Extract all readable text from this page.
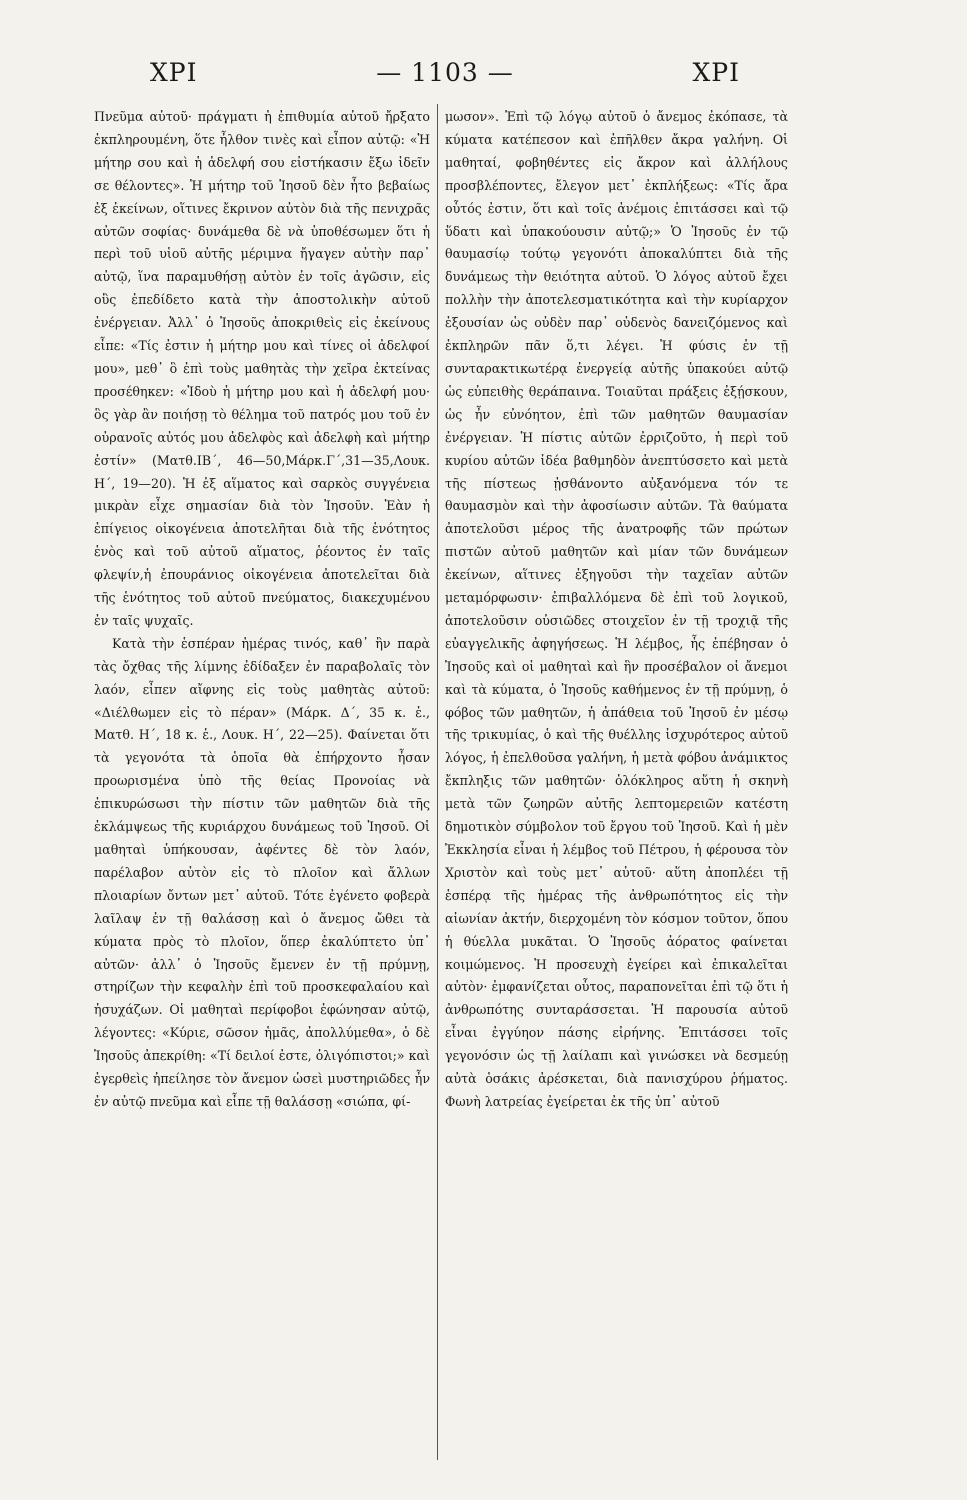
ΧΡΙ	— 1103 —	ΧΡΙ

Πνεῦμα αὐτοῦ· πράγματι ἡ ἐπιθυμία αὐτοῦ ἤρξατο ἐκπληρουμένη, ὅτε ἦλθον τινὲς καὶ εἶπον αὐτῷ: «Ἡ μήτηρ σου καὶ ἡ ἀδελφή σου εἰστήκασιν ἔξω ἰδεῖν σε θέλοντες». Ἡ μήτηρ τοῦ Ἰησοῦ δὲν ἦτο βεβαίως ἐξ ἐκείνων, οἵτινες ἔκρινον αὐτὸν διὰ τῆς πενιχρᾶς αὐτῶν σοφίας· δυνάμεθα δὲ νὰ ὑποθέσωμεν ὅτι ἡ περὶ τοῦ υἱοῦ αὐτῆς μέριμνα ἤγαγεν αὐτὴν παρ᾽ αὐτῷ, ἵνα παραμυθήσῃ αὐτὸν ἐν τοῖς ἀγῶσιν, εἰς οὓς ἐπεδίδετο κατὰ τὴν ἀποστολικὴν αὐτοῦ ἐνέργειαν. Ἀλλ᾽ ὁ Ἰησοῦς ἀποκριθεὶς εἰς ἐκείνους εἶπε: «Τίς ἐστιν ἡ μήτηρ μου καὶ τίνες οἱ ἀδελφοί μου», μεθ᾽ ὃ ἐπὶ τοὺς μαθητὰς τὴν χεῖρα ἐκτείνας προσέθηκεν: «Ἰδοὺ ἡ μήτηρ μου καὶ ἡ ἀδελφή μου· ὃς γὰρ ἂν ποιήσῃ τὸ θέλημα τοῦ πατρός μου τοῦ ἐν οὐρανοῖς αὐτός μου ἀδελφὸς καὶ ἀδελφὴ καὶ μήτηρ ἐστίν» (Ματθ.ΙΒ΄, 46—50,Μάρκ.Γ΄,31—35,Λουκ. Η΄, 19—20). Ἡ ἐξ αἵματος καὶ σαρκὸς συγγένεια μικρὰν εἶχε σημασίαν διὰ τὸν Ἰησοῦν. Ἐὰν ἡ ἐπίγειος οἰκογένεια ἀποτελῆται διὰ τῆς ἑνότητος ἑνὸς καὶ τοῦ αὐτοῦ αἵματος, ῥέοντος ἐν ταῖς φλεψίν,ἡ ἐπουράνιος οἰκογένεια ἀποτελεῖται διὰ τῆς ἑνότητος τοῦ αὐτοῦ πνεύματος, διακεχυμένου ἐν ταῖς ψυχαῖς.

Κατὰ τὴν ἑσπέραν ἡμέρας τινός, καθ᾽ ἣν παρὰ τὰς ὄχθας τῆς λίμνης ἐδίδαξεν ἐν παραβολαῖς τὸν λαόν, εἶπεν αἴφνης εἰς τοὺς μαθητὰς αὐτοῦ: «Διέλθωμεν εἰς τὸ πέραν» (Μάρκ. Δ΄, 35 κ. ἑ., Ματθ. Η΄, 18 κ. ἑ., Λουκ. Η΄, 22—25). Φαίνεται ὅτι τὰ γεγονότα τὰ ὁποῖα θὰ ἐπήρχοντο ἦσαν προωρισμένα ὑπὸ τῆς θείας Προνοίας νὰ ἐπικυρώσωσι τὴν πίστιν τῶν μαθητῶν διὰ τῆς ἐκλάμψεως τῆς κυριάρχου δυνάμεως τοῦ Ἰησοῦ. Οἱ μαθηταὶ ὑπήκουσαν, ἀφέντες δὲ τὸν λαόν, παρέλαβον αὐτὸν εἰς τὸ πλοῖον καὶ ἄλλων πλοιαρίων ὄντων μετ᾽ αὐτοῦ. Τότε ἐγένετο φοβερὰ λαῖλαψ ἐν τῇ θαλάσσῃ καὶ ὁ ἄνεμος ὤθει τὰ κύματα πρὸς τὸ πλοῖον, ὅπερ ἐκαλύπτετο ὑπ᾽ αὐτῶν· ἀλλ᾽ ὁ Ἰησοῦς ἔμενεν ἐν τῇ πρύμνῃ, στηρίζων τὴν κεφαλὴν ἐπὶ τοῦ προσκεφαλαίου καὶ ἡσυχάζων. Οἱ μαθηταὶ περίφοβοι ἐφώνησαν αὐτῷ, λέγοντες: «Κύριε, σῶσον ἡμᾶς, ἀπολλύμεθα», ὁ δὲ Ἰησοῦς ἀπεκρίθη: «Τί δειλοί ἐστε, ὀλιγόπιστοι;» καὶ ἐγερθεὶς ἠπείλησε τὸν ἄνεμον ὡσεὶ μυστηριῶδες ἦν ἐν αὐτῷ πνεῦμα καὶ εἶπε τῇ θαλάσσῃ «σιώπα, φί-

μωσον». Ἐπὶ τῷ λόγῳ αὐτοῦ ὁ ἄνεμος ἐκόπασε, τὰ κύματα κατέπεσον καὶ ἐπῆλθεν ἄκρα γαλήνη. Οἱ μαθηταί, φοβηθέντες εἰς ἄκρον καὶ ἀλλήλους προσβλέποντες, ἔλεγον μετ᾽ ἐκπλήξεως: «Τίς ἄρα οὗτός ἐστιν, ὅτι καὶ τοῖς ἀνέμοις ἐπιτάσσει καὶ τῷ ὕδατι καὶ ὑπακούουσιν αὐτῷ;» Ὁ Ἰησοῦς ἐν τῷ θαυμασίῳ τούτῳ γεγονότι ἀποκαλύπτει διὰ τῆς δυνάμεως τὴν θειότητα αὐτοῦ. Ὁ λόγος αὐτοῦ ἔχει πολλὴν τὴν ἀποτελεσματικότητα καὶ τὴν κυρίαρχον ἐξουσίαν ὡς οὐδὲν παρ᾽ οὐδενὸς δανειζόμενος καὶ ἐκπληρῶν πᾶν ὅ,τι λέγει. Ἡ φύσις ἐν τῇ συνταρακτικωτέρᾳ ἐνεργείᾳ αὐτῆς ὑπακούει αὐτῷ ὡς εὐπειθὴς θεράπαινα. Τοιαῦται πράξεις ἐξῄσκουν, ὡς ἦν εὐνόητον, ἐπὶ τῶν μαθητῶν θαυμασίαν ἐνέργειαν. Ἡ πίστις αὐτῶν ἐρριζοῦτο, ἡ περὶ τοῦ κυρίου αὐτῶν ἰδέα βαθμηδὸν ἀνεπτύσσετο καὶ μετὰ τῆς πίστεως ᾐσθάνοντο αὐξανόμενα τόν τε θαυμασμὸν καὶ τὴν ἀφοσίωσιν αὐτῶν. Τὰ θαύματα ἀποτελοῦσι μέρος τῆς ἀνατροφῆς τῶν πρώτων πιστῶν αὐτοῦ μαθητῶν καὶ μίαν τῶν δυνάμεων ἐκείνων, αἵτινες ἐξηγοῦσι τὴν ταχεῖαν αὐτῶν μεταμόρφωσιν· ἐπιβαλλόμενα δὲ ἐπὶ τοῦ λογικοῦ, ἀποτελοῦσιν οὐσιῶδες στοιχεῖον ἐν τῇ τροχιᾷ τῆς εὐαγγελικῆς ἀφηγήσεως. Ἡ λέμβος, ἧς ἐπέβησαν ὁ Ἰησοῦς καὶ οἱ μαθηταὶ καὶ ἣν προσέβαλον οἱ ἄνεμοι καὶ τὰ κύματα, ὁ Ἰησοῦς καθήμενος ἐν τῇ πρύμνῃ, ὁ φόβος τῶν μαθητῶν, ἡ ἀπάθεια τοῦ Ἰησοῦ ἐν μέσῳ τῆς τρικυμίας, ὁ καὶ τῆς θυέλλης ἰσχυρότερος αὐτοῦ λόγος, ἡ ἐπελθοῦσα γαλήνη, ἡ μετὰ φόβου ἀνάμικτος ἔκπληξις τῶν μαθητῶν· ὁλόκληρος αὕτη ἡ σκηνὴ μετὰ τῶν ζωηρῶν αὐτῆς λεπτομερειῶν κατέστη δημοτικὸν σύμβολον τοῦ ἔργου τοῦ Ἰησοῦ. Καὶ ἡ μὲν Ἐκκλησία εἶναι ἡ λέμβος τοῦ Πέτρου, ἡ φέρουσα τὸν Χριστὸν καὶ τοὺς μετ᾽ αὐτοῦ· αὕτη ἀποπλέει τῇ ἑσπέρᾳ τῆς ἡμέρας τῆς ἀνθρωπότητος εἰς τὴν αἰωνίαν ἀκτήν, διερχομένη τὸν κόσμον τοῦτον, ὅπου ἡ θύελλα μυκᾶται. Ὁ Ἰησοῦς ἀόρατος φαίνεται κοιμώμενος. Ἡ προσευχὴ ἐγείρει καὶ ἐπικαλεῖται αὐτὸν· ἐμφανίζεται οὗτος, παραπονεῖται ἐπὶ τῷ ὅτι ἡ ἀνθρωπότης συνταράσσεται. Ἡ παρουσία αὐτοῦ εἶναι ἐγγύηον πάσης εἰρήνης. Ἐπιτάσσει τοῖς γεγονόσιν ὡς τῇ λαίλαπι καὶ γινώσκει νὰ δεσμεύῃ αὐτὰ ὁσάκις ἀρέσκεται, διὰ πανισχύρου ῥήματος. Φωνὴ λατρείας ἐγείρεται ἐκ τῆς ὑπ᾽ αὐτοῦ
